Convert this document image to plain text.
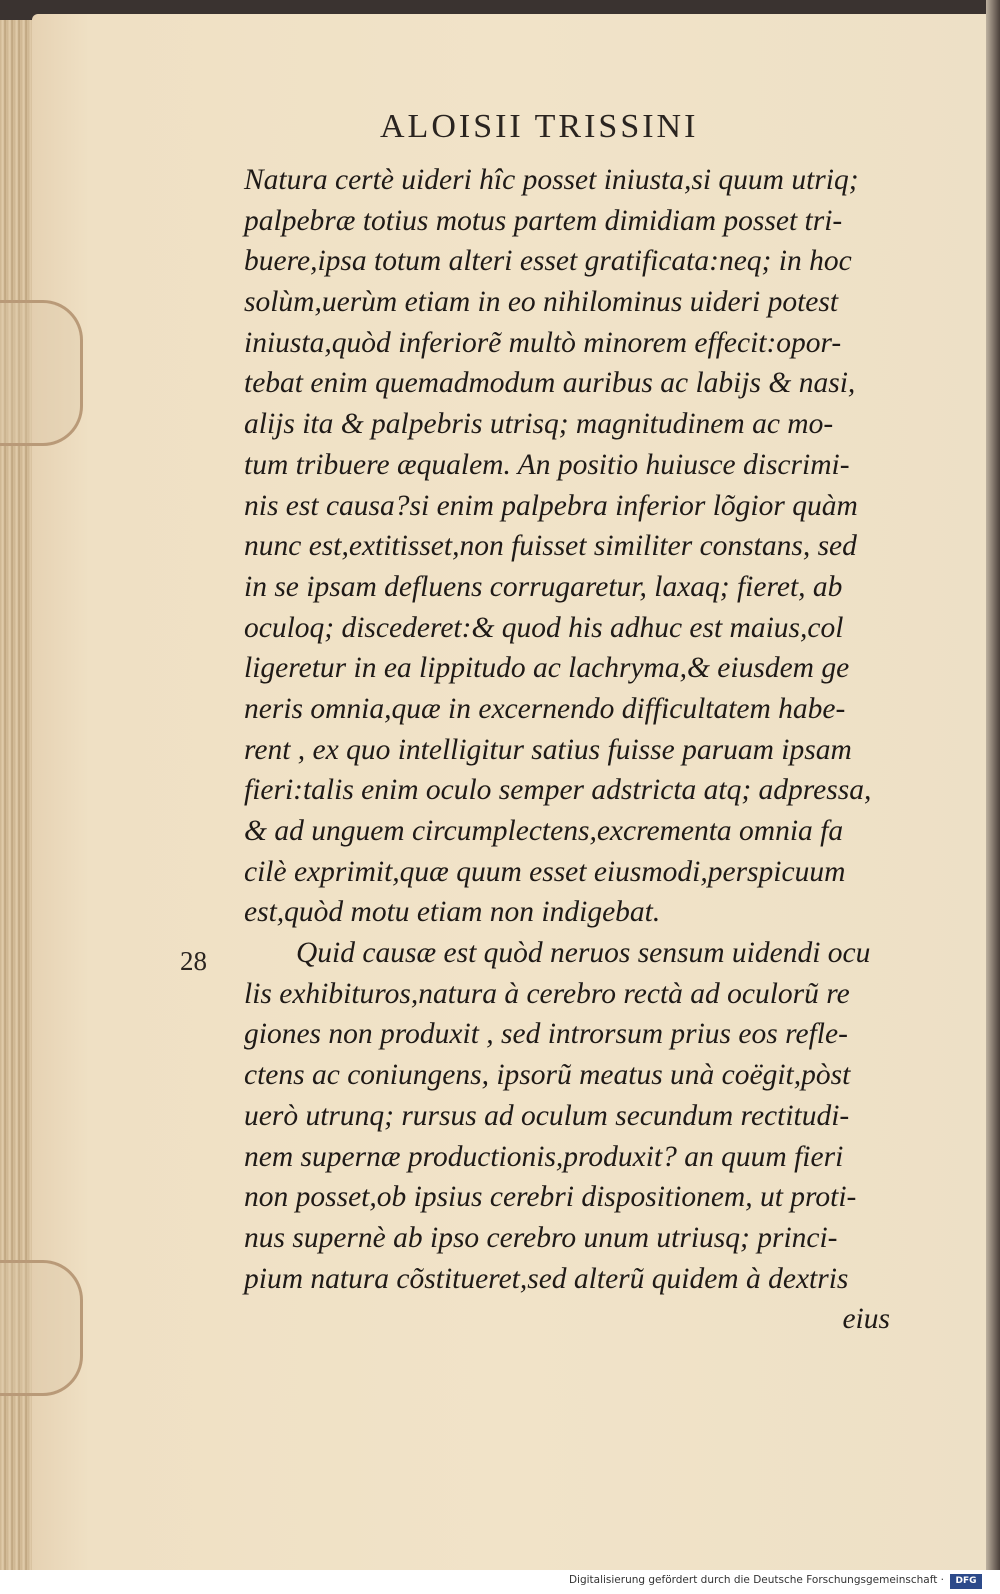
ALOISII TRISSINI
28
Natura certè uideri hîc posset iniusta,si quum utriq;
palpebræ totius motus partem dimidiam posset tri-
buere,ipsa totum alteri esset gratificata:neq; in hoc
solùm,uerùm etiam in eo nihilominus uideri potest
iniusta,quòd inferiorẽ multò minorem effecit:opor-
tebat enim quemadmodum auribus ac labijs & nasi,
alijs ita & palpebris utrisq; magnitudinem ac mo-
tum tribuere æqualem. An positio huiusce discrimi-
nis est causa?si enim palpebra inferior lõgior quàm
nunc est,extitisset,non fuisset similiter constans, sed
in se ipsam defluens corrugaretur, laxaq; fieret, ab
oculoq; discederet:& quod his adhuc est maius,col
ligeretur in ea lippitudo ac lachryma,& eiusdem ge
neris omnia,quæ in excernendo difficultatem habe-
rent , ex quo intelligitur satius fuisse paruam ipsam
fieri:talis enim oculo semper adstricta atq; adpressa,
& ad unguem circumplectens,excrementa omnia fa
cilè exprimit,quæ quum esset eiusmodi,perspicuum
est,quòd motu etiam non indigebat.
Quid causæ est quòd neruos sensum uidendi ocu
lis exhibituros,natura à cerebro rectà ad oculorũ re
giones non produxit , sed introrsum prius eos refle-
ctens ac coniungens, ipsorũ meatus unà coëgit,pòst
uerò utrunq; rursus ad oculum secundum rectitudi-
nem supernæ productionis,produxit? an quum fieri
non posset,ob ipsius cerebri dispositionem, ut proti-
nus supernè ab ipso cerebro unum utriusq; princi-
pium natura cõstitueret,sed alterũ quidem à dextris
eius
Digitalisierung gefördert durch die Deutsche Forschungsgemeinschaft ·	DFG
